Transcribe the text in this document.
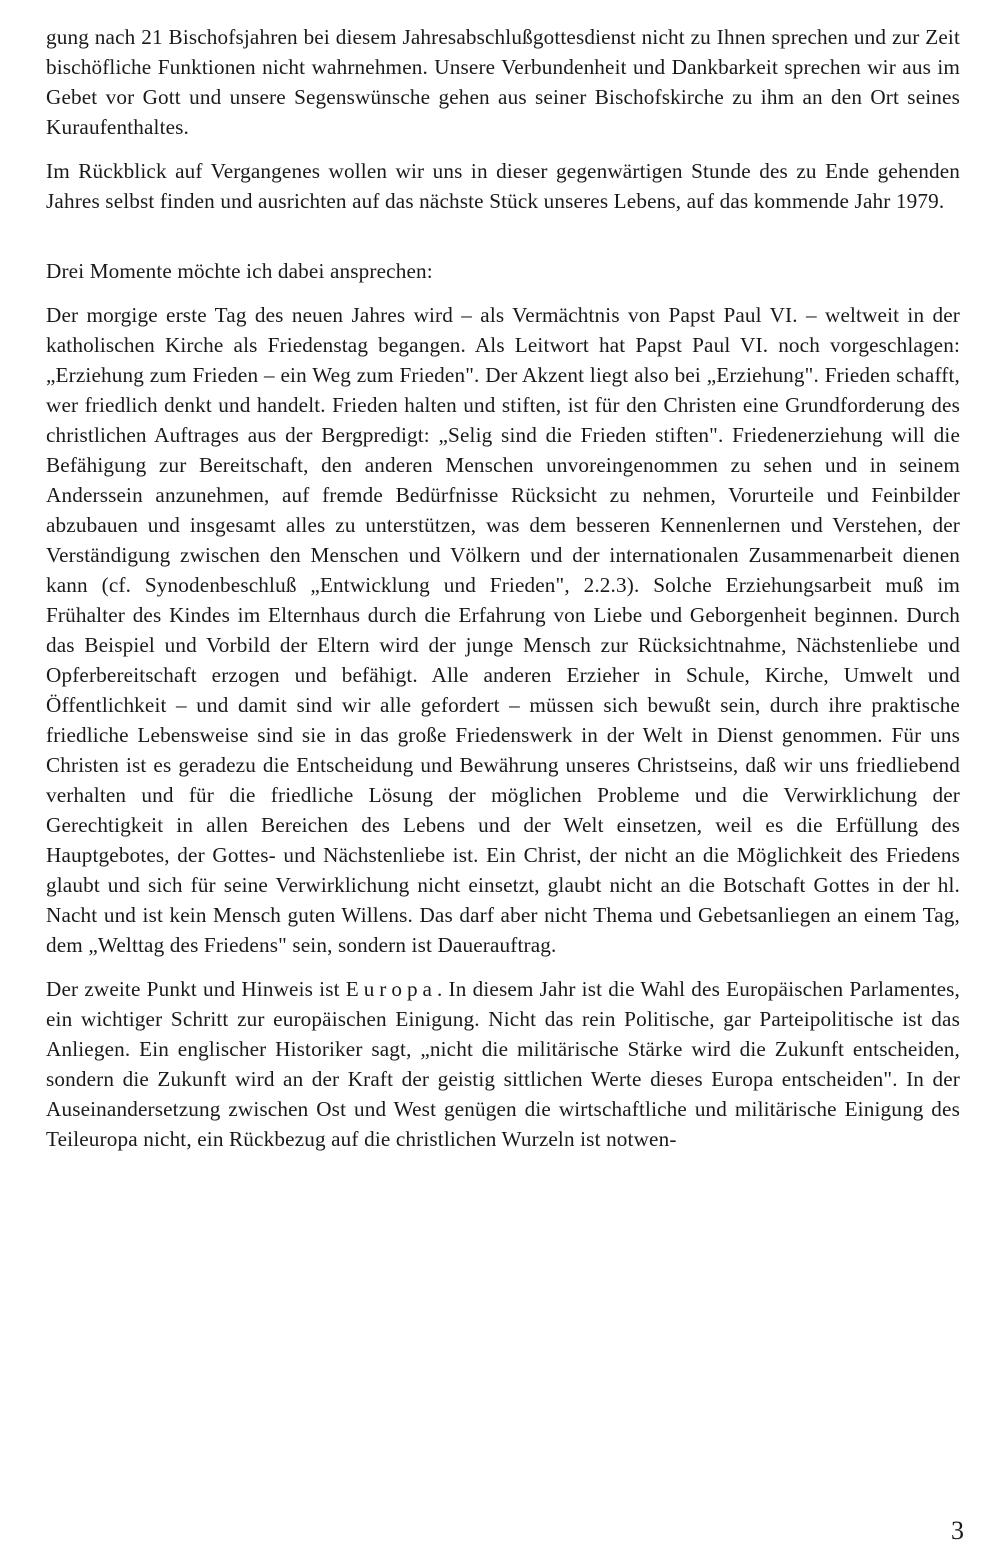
gung nach 21 Bischofsjahren bei diesem Jahresabschlußgottesdienst nicht zu Ihnen sprechen und zur Zeit bischöfliche Funktionen nicht wahrnehmen. Unsere Verbundenheit und Dankbarkeit sprechen wir aus im Gebet vor Gott und unsere Segenswünsche gehen aus seiner Bischofskirche zu ihm an den Ort seines Kuraufenthaltes.

Im Rückblick auf Vergangenes wollen wir uns in dieser gegenwärtigen Stunde des zu Ende gehenden Jahres selbst finden und ausrichten auf das nächste Stück unseres Lebens, auf das kommende Jahr 1979.

Drei Momente möchte ich dabei ansprechen:

Der morgige erste Tag des neuen Jahres wird – als Vermächtnis von Papst Paul VI. – weltweit in der katholischen Kirche als Friedenstag begangen. Als Leitwort hat Papst Paul VI. noch vorgeschlagen: „Erziehung zum Frieden – ein Weg zum Frieden". Der Akzent liegt also bei „Erziehung". Frieden schafft, wer friedlich denkt und handelt. Frieden halten und stiften, ist für den Christen eine Grundforderung des christlichen Auftrages aus der Bergpredigt: „Selig sind die Frieden stiften". Friedenerziehung will die Befähigung zur Bereitschaft, den anderen Menschen unvoreingenommen zu sehen und in seinem Anderssein anzunehmen, auf fremde Bedürfnisse Rücksicht zu nehmen, Vorurteile und Feinbilder abzubauen und insgesamt alles zu unterstützen, was dem besseren Kennenlernen und Verstehen, der Verständigung zwischen den Menschen und Völkern und der internationalen Zusammenarbeit dienen kann (cf. Synodenbeschluß „Entwicklung und Frieden", 2.2.3). Solche Erziehungsarbeit muß im Frühalter des Kindes im Elternhaus durch die Erfahrung von Liebe und Geborgenheit beginnen. Durch das Beispiel und Vorbild der Eltern wird der junge Mensch zur Rücksichtnahme, Nächstenliebe und Opferbereitschaft erzogen und befähigt. Alle anderen Erzieher in Schule, Kirche, Umwelt und Öffentlichkeit – und damit sind wir alle gefordert – müssen sich bewußt sein, durch ihre praktische friedliche Lebensweise sind sie in das große Friedenswerk in der Welt in Dienst genommen. Für uns Christen ist es geradezu die Entscheidung und Bewährung unseres Christseins, daß wir uns friedliebend verhalten und für die friedliche Lösung der möglichen Probleme und die Verwirklichung der Gerechtigkeit in allen Bereichen des Lebens und der Welt einsetzen, weil es die Erfüllung des Hauptgebotes, der Gottes- und Nächstenliebe ist. Ein Christ, der nicht an die Möglichkeit des Friedens glaubt und sich für seine Verwirklichung nicht einsetzt, glaubt nicht an die Botschaft Gottes in der hl. Nacht und ist kein Mensch guten Willens. Das darf aber nicht Thema und Gebetsanliegen an einem Tag, dem „Welttag des Friedens" sein, sondern ist Dauerauftrag.

Der zweite Punkt und Hinweis ist Europa. In diesem Jahr ist die Wahl des Europäischen Parlamentes, ein wichtiger Schritt zur europäischen Einigung. Nicht das rein Politische, gar Parteipolitische ist das Anliegen. Ein englischer Historiker sagt, „nicht die militärische Stärke wird die Zukunft entscheiden, sondern die Zukunft wird an der Kraft der geistig sittlichen Werte dieses Europa entscheiden". In der Auseinandersetzung zwischen Ost und West genügen die wirtschaftliche und militärische Einigung des Teileuropa nicht, ein Rückbezug auf die christlichen Wurzeln ist notwen-

3
